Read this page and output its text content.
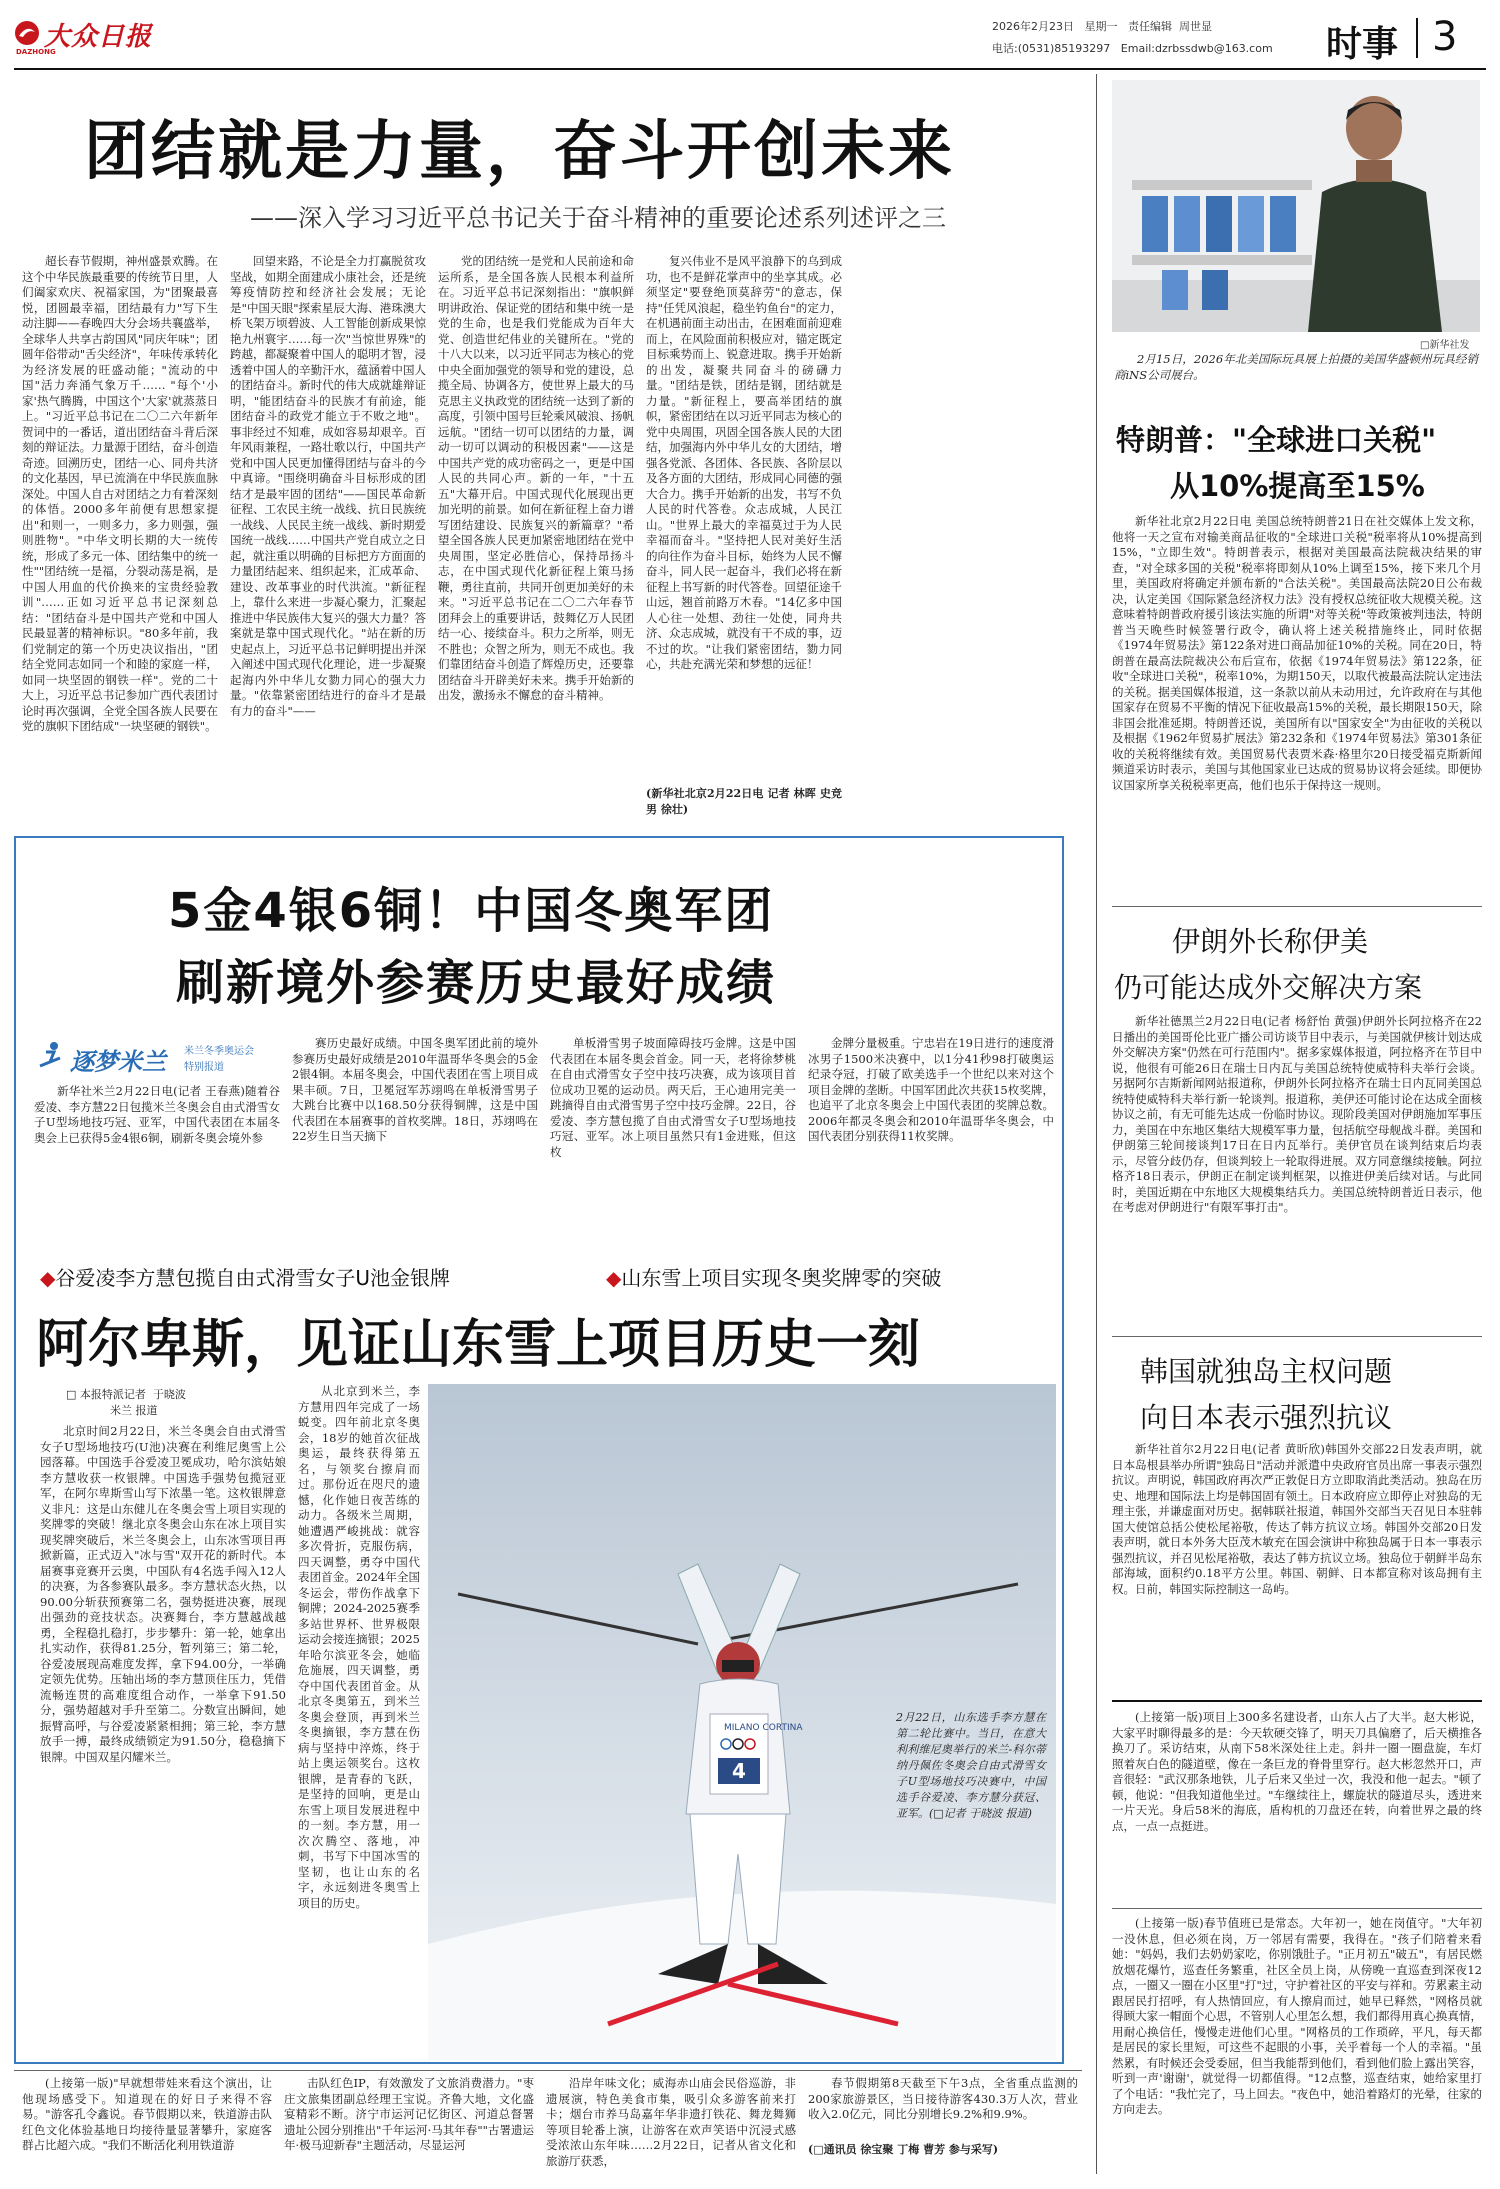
大众日报
DAZHONG
2026年2月23日 星期一 责任编辑 周世显
电话:(0531)85193297 Email:dzrbssdwb@163.com 时事 3
团结就是力量，奋斗开创未来
——深入学习习近平总书记关于奋斗精神的重要论述系列述评之三

超长春节假期，神州盛景欢腾。在这个中华民族最重要的传统节日里，人们阖家欢庆、祝福家国，为"团聚最喜悦，团圆最幸福，团结最有力"写下生动注脚——春晚四大分会场共襄盛举，全球华人共享古韵国风"同庆年味"；团圆年俗带动"舌尖经济"，年味传承转化为经济发展的旺盛动能；"流动的中国"活力奔涌气象万千…… "每个'小家'热气腾腾，中国这个'大家'就蒸蒸日上。"习近平总书记在二〇二六年新年贺词中的一番话，道出团结奋斗背后深刻的辩证法。力量源于团结，奋斗创造奇迹。回溯历史，团结一心、同舟共济的文化基因，早已流淌在中华民族血脉深处。中国人自古对团结之力有着深刻的体悟。2000多年前便有思想家提出"和则一，一则多力，多力则强，强则胜物"。"中华文明长期的大一统传统，形成了多元一体、团结集中的统一性""团结统一是福，分裂动荡是祸，是中国人用血的代价换来的宝贵经验教训"……正如习近平总书记深刻总结："团结奋斗是中国共产党和中国人民最显著的精神标识。"80多年前，我们党制定的第一个历史决议指出，"团结全党同志如同一个和睦的家庭一样，如同一块坚固的钢铁一样"。党的二十大上，习近平总书记参加广西代表团讨论时再次强调，全党全国各族人民要在党的旗帜下团结成"一块坚硬的钢铁"。

回望来路，不论是全力打赢脱贫攻坚战，如期全面建成小康社会，还是统筹疫情防控和经济社会发展；无论是"中国天眼"探索星辰大海、港珠澳大桥飞架万顷碧波、人工智能创新成果惊艳九州寰宇……每一次"当惊世界殊"的跨越，都凝聚着中国人的聪明才智，浸透着中国人的辛勤汗水，蕴涵着中国人的团结奋斗。新时代的伟大成就雄辩证明，"能团结奋斗的民族才有前途，能团结奋斗的政党才能立于不败之地"。事非经过不知难，成如容易却艰辛。百年风雨兼程，一路壮歌以行，中国共产党和中国人民更加懂得团结与奋斗的今中真谛。"围绕明确奋斗目标形成的团结才是最牢固的团结"——国民革命新征程、工农民主统一战线、抗日民族统一战线、人民民主统一战线、新时期爱国统一战线……中国共产党自成立之日起，就注重以明确的目标把方方面面的力量团结起来、组织起来，汇成革命、建设、改革事业的时代洪流。"新征程上，靠什么来进一步凝心聚力，汇聚起推进中华民族伟大复兴的强大力量？答案就是靠中国式现代化。"站在新的历史起点上，习近平总书记鲜明提出并深入阐述中国式现代化理论，进一步凝聚起海内外中华儿女勠力同心的强大力量。"依靠紧密团结进行的奋斗才是最有力的奋斗"——

党的团结统一是党和人民前途和命运所系，是全国各族人民根本利益所在。习近平总书记深刻指出："旗帜鲜明讲政治、保证党的团结和集中统一是党的生命，也是我们党能成为百年大党、创造世纪伟业的关键所在。"党的十八大以来，以习近平同志为核心的党中央全面加强党的领导和党的建设，总揽全局、协调各方，使世界上最大的马克思主义执政党的团结统一达到了新的高度，引领中国号巨轮乘风破浪、扬帆远航。"团结一切可以团结的力量，调动一切可以调动的积极因素"——这是中国共产党的成功密码之一，更是中国人民的共同心声。新的一年，"十五五"大幕开启。中国式现代化展现出更加光明的前景。如何在新征程上奋力谱写团结建设、民族复兴的新篇章？"希望全国各族人民更加紧密地团结在党中央周围，坚定必胜信心，保持昂扬斗志，在中国式现代化新征程上策马扬鞭，勇往直前，共同开创更加美好的未来。"习近平总书记在二〇二六年春节团拜会上的重要讲话，鼓舞亿万人民团结一心、接续奋斗。积力之所举，则无不胜也；众智之所为，则无不成也。我们靠团结奋斗创造了辉煌历史，还要靠团结奋斗开辟美好未来。携手开始新的出发，激扬永不懈怠的奋斗精神。

复兴伟业不是风平浪静下的乌到成功，也不是鲜花掌声中的坐享其成。必须坚定"要登绝顶莫辞劳"的意志，保持"任凭风浪起，稳坐钓鱼台"的定力，在机遇前面主动出击，在困难面前迎难而上，在风险面前积极应对，锚定既定目标乘势而上、锐意进取。携手开始新的出发，凝聚共同奋斗的磅礴力量。"团结是铁，团结是钢，团结就是力量。"新征程上，要高举团结的旗帜，紧密团结在以习近平同志为核心的党中央周围，巩固全国各族人民的大团结，加强海内外中华儿女的大团结，增强各党派、各团体、各民族、各阶层以及各方面的大团结，形成同心同德的强大合力。携手开始新的出发，书写不负人民的时代答卷。众志成城，人民江山。"世界上最大的幸福莫过于为人民幸福而奋斗。"坚持把人民对美好生活的向往作为奋斗目标，始终为人民不懈奋斗，同人民一起奋斗，我们必将在新征程上书写新的时代答卷。回望征途千山远，翘首前路万木春。"14亿多中国人心往一处想、劲往一处使，同舟共济、众志成城，就没有干不成的事，迈不过的坎。"让我们紧密团结，勠力同心，共赴充满光荣和梦想的远征！

(新华社北京2月22日电 记者 林晖 史竞男 徐壮)
□新华社发
2月15日，2026年北美国际玩具展上拍摄的美国华盛顿州玩具经销商iNS公司展台。
特朗普："全球进口关税"
从10%提高至15%

新华社北京2月22日电 美国总统特朗普21日在社交媒体上发文称，他将一天之宣布对输美商品征收的"全球进口关税"税率将从10%提高到15%，"立即生效"。特朗普表示，根据对美国最高法院裁决结果的审查，"对全球多国的关税"税率将即刻从10%上调至15%，接下来几个月里，美国政府将确定并颁布新的"合法关税"。美国最高法院20日公布裁决，认定美国《国际紧急经济权力法》没有授权总统征收大规模关税。这意味着特朗普政府援引该法实施的所谓"对等关税"等政策被判违法，特朗普当天晚些时候签署行政令，确认将上述关税措施终止，同时依据《1974年贸易法》第122条对进口商品加征10%的关税。同在20日，特朗普在最高法院裁决公布后宣布，依据《1974年贸易法》第122条，征收"全球进口关税"，税率10%，为期150天，以取代被最高法院认定违法的关税。据美国媒体报道，这一条款以前从未动用过，允许政府在与其他国家存在贸易不平衡的情况下征收最高15%的关税，最长期限150天，除非国会批准延期。特朗普还说，美国所有以"国家安全"为由征收的关税以及根据《1962年贸易扩展法》第232条和《1974年贸易法》第301条征收的关税将继续有效。美国贸易代表贾米森·格里尔20日接受福克斯新闻频道采访时表示，美国与其他国家业已达成的贸易协议将会延续。即便协议国家所享关税税率更高，他们也乐于保持这一规则。

伊朗外长称伊美
仍可能达成外交解决方案

新华社德黑兰2月22日电(记者 杨舒怡 黄强)伊朗外长阿拉格齐在22日播出的美国哥伦比亚广播公司访谈节目中表示，与美国就伊核计划达成外交解决方案"仍然在可行范围内"。据多家媒体报道，阿拉格齐在节目中说，他很有可能26日在瑞士日内瓦与美国总统特使威特科夫举行会谈。另据阿尔吉斯新闻网站报道称，伊朗外长阿拉格齐在瑞士日内瓦同美国总统特使威特科夫举行新一轮谈判。报道称，美伊还可能讨论在达成全面核协议之前，有无可能先达成一份临时协议。现阶段美国对伊朗施加军事压力，美国在中东地区集结大规模军事力量，包括航空母舰战斗群。美国和伊朗第三轮间接谈判17日在日内瓦举行。美伊官员在谈判结束后均表示，尽管分歧仍存，但谈判较上一轮取得进展。双方同意继续接触。阿拉格齐18日表示，伊朗正在制定谈判框架，以推进伊美后续对话。与此同时，美国近期在中东地区大规模集结兵力。美国总统特朗普近日表示，他在考虑对伊朗进行"有限军事打击"。

韩国就独岛主权问题
向日本表示强烈抗议

新华社首尔2月22日电(记者 黄昕欣)韩国外交部22日发表声明，就日本岛根县举办所谓"独岛日"活动并派遣中央政府官员出席一事表示强烈抗议。声明说，韩国政府再次严正敦促日方立即取消此类活动。独岛在历史、地理和国际法上均是韩国固有领土。日本政府应立即停止对独岛的无理主张，并谦虚面对历史。据韩联社报道，韩国外交部当天召见日本驻韩国大使馆总括公使松尾裕敬，传达了韩方抗议立场。韩国外交部20日发表声明，就日本外务大臣茂木敏充在国会演讲中称独岛属于日本一事表示强烈抗议，并召见松尾裕敬，表达了韩方抗议立场。独岛位于朝鲜半岛东部海域，面积约0.18平方公里。韩国、朝鲜、日本都宣称对该岛拥有主权。日前，韩国实际控制这一岛屿。

(上接第一版)项目上300多名建设者，山东人占了大半。赵大彬说，大家平时聊得最多的是：今天软硬交锋了，明天刀具偏磨了，后天横推各换刀了。采访结束，从南下58米深处往上走。斜井一圈一圈盘旋，车灯照着灰白色的隧道壁，像在一条巨龙的脊骨里穿行。赵大彬忽然开口，声音很轻："武汉那条地铁，儿子后来又坐过一次，我没和他一起去。"顿了顿，他说："但我知道他坐过。"车继续往上，螺旋状的隧道尽头，透进来一片天光。身后58米的海底，盾构机的刀盘还在转，向着世界之最的终点，一点一点挺进。

(上接第一版)春节值班已是常态。大年初一，她在岗值守。"大年初一没休息，但必须在岗，万一邻居有需要，我得在。"孩子们陪着来看她："妈妈，我们去奶奶家吃，你别饿肚子。"正月初五"破五"，有居民燃放烟花爆竹，巡查任务繁重，社区全员上岗，从傍晚一直巡查到深夜12点，一圈又一圈在小区里"打"过，守护着社区的平安与祥和。劳累素主动跟居民打招呼，有人热情回应，有人擦肩而过，她早已释然，"网格员就得顾大家一帽面个心思，不管别人心里怎么想，我们都得用真心换真情，用耐心换信任，慢慢走进他们心里。"网格员的工作琐碎，平凡，每天都是居民的家长里短，可这些不起眼的小事，关乎着每一个人的幸福。"虽然累，有时候还会受委屈，但当我能帮到他们，看到他们脸上露出笑容，听到一声'谢谢'，就觉得一切都值得。"12点整，巡查结束，她给家里打了个电话："我忙完了，马上回去。"夜色中，她沿着路灯的光晕，往家的方向走去。

5金4银6铜！中国冬奥军团
刷新境外参赛历史最好成绩
逐梦米兰 米兰冬季奥运会
特别报道

新华社米兰2月22日电(记者 王春燕)随着谷爱凌、李方慧22日包揽米兰冬奥会自由式滑雪女子U型场地技巧冠、亚军，中国代表团在本届冬奥会上已获得5金4银6铜，刷新冬奥会境外参

赛历史最好成绩。中国冬奥军团此前的境外参赛历史最好成绩是2010年温哥华冬奥会的5金2银4铜。本届冬奥会，中国代表团在雪上项目成果丰硕。7日，卫冕冠军苏翊鸣在单板滑雪男子大跳台比赛中以168.50分获得铜牌，这是中国代表团在本届赛事的首枚奖牌。18日，苏翊鸣在22岁生日当天摘下

单板滑雪男子坡面障碍技巧金牌。这是中国代表团在本届冬奥会首金。同一天，老将徐梦桃在自由式滑雪女子空中技巧决赛，成为该项目首位成功卫冕的运动员。两天后，王心迪用完美一跳摘得自由式滑雪男子空中技巧金牌。22日，谷爱凌、李方慧包揽了自由式滑雪女子U型场地技巧冠、亚军。冰上项目虽然只有1金进账，但这枚

金牌分量极重。宁忠岩在19日进行的速度滑冰男子1500米决赛中，以1分41秒98打破奥运纪录夺冠，打破了欧美选手一个世纪以来对这个项目金牌的垄断。中国军团此次共获15枚奖牌，也追平了北京冬奥会上中国代表团的奖牌总数。2006年都灵冬奥会和2010年温哥华冬奥会，中国代表团分别获得11枚奖牌。

◆谷爱凌李方慧包揽自由式滑雪女子U池金银牌	◆山东雪上项目实现冬奥奖牌零的突破
阿尔卑斯，见证山东雪上项目历史一刻
□ 本报特派记者 于晓波
米兰 报道

北京时间2月22日，米兰冬奥会自由式滑雪女子U型场地技巧(U池)决赛在利维尼奥雪上公园落幕。中国选手谷爱凌卫冕成功，哈尔滨姑娘李方慧收获一枚银牌。中国选手强势包揽冠亚军，在阿尔卑斯雪山写下浓墨一笔。这枚银牌意义非凡：这是山东健儿在冬奥会雪上项目实现的奖牌零的突破！继北京冬奥会山东在冰上项目实现奖牌突破后，米兰冬奥会上，山东冰雪项目再掀新篇，正式迈入"冰与雪"双开花的新时代。本届赛事竞赛开云奥，中国队有4名选手闯入12人的决赛，为各参赛队最多。李方慧状态火热，以90.00分斩获预赛第二名，强势挺进决赛，展现出强劲的竞技状态。决赛舞台，李方慧越战越勇，全程稳扎稳打，步步攀升：第一轮，她拿出扎实动作，获得81.25分，暂列第三；第二轮，谷爱凌展现高难度发挥，拿下94.00分，一举确定领先优势。压轴出场的李方慧顶住压力，凭借流畅连贯的高难度组合动作，一举拿下91.50分，强势超越对手升至第二。分数宣出瞬间，她振臂高呼，与谷爱凌紧紧相拥；第三轮，李方慧放手一搏，最终成绩锁定为91.50分，稳稳摘下银牌。中国双星闪耀米兰。

从北京到米兰，李方慧用四年完成了一场蜕变。四年前北京冬奥会，18岁的她首次征战奥运，最终获得第五名，与领奖台擦肩而过。那份近在咫尺的遗憾，化作她日夜苦练的动力。各级米兰周期，她遭遇严峻挑战：就容多次骨折，克服伤病，四天调整，勇夺中国代表团首金。2024年全国冬运会，带伤作战拿下铜牌；2024-2025赛季多站世界杯、世界极限运动会接连摘银；2025年哈尔滨亚冬会，她临危施展，四天调整，勇夺中国代表团首金。从北京冬奥第五，到米兰冬奥会登顶，再到米兰冬奥摘银，李方慧在伤病与坚持中淬炼，终于站上奥运领奖台。这枚银牌，是青春的飞跃，是坚持的回响，更是山东雪上项目发展进程中的一刻。李方慧，用一次次腾空、落地，冲刺，书写下中国冰雪的坚韧，也让山东的名字，永远刻进冬奥雪上项目的历史。

MILANO CORTINA
4
2月22日，山东选手李方慧在第二轮比赛中。当日，在意大利利维尼奥举行的米兰-科尔蒂纳丹佩佐冬奥会自由式滑雪女子U型场地技巧决赛中，中国选手谷爱凌、李方慧分获冠、亚军。(□记者 于晓波 报道)

(上接第一版)"早就想带娃来看这个演出，让他现场感受下。知道现在的好日子来得不容易。"游客孔令鑫说。春节假期以来，铁道游击队红色文化体验基地日均接待量显著攀升，家庭客群占比超六成。"我们不断活化利用铁道游

击队红色IP，有效激发了文旅消费潜力。"枣庄文旅集团副总经理王宝说。齐鲁大地，文化盛宴精彩不断。济宁市运河记忆街区、河道总督署遗址公园分别推出"千年运河·马其年春""古署遗运年·极马迎新春"主题活动，尽显运河

沿岸年味文化；威海赤山庙会民俗巡游，非遗展演，特色美食市集，吸引众多游客前来打卡；烟台市养马岛嘉年华非遗打铁花、舞龙舞狮等项目轮番上演，让游客在欢声笑语中沉浸式感受浓浓山东年味……2月22日，记者从省文化和旅游厅获悉，

春节假期第8天截至下午3点，全省重点监测的200家旅游景区，当日接待游客430.3万人次，营业收入2.0亿元，同比分别增长9.2%和9.9%。

(□通讯员 徐宝聚 丁梅 曹芳 参与采写)
